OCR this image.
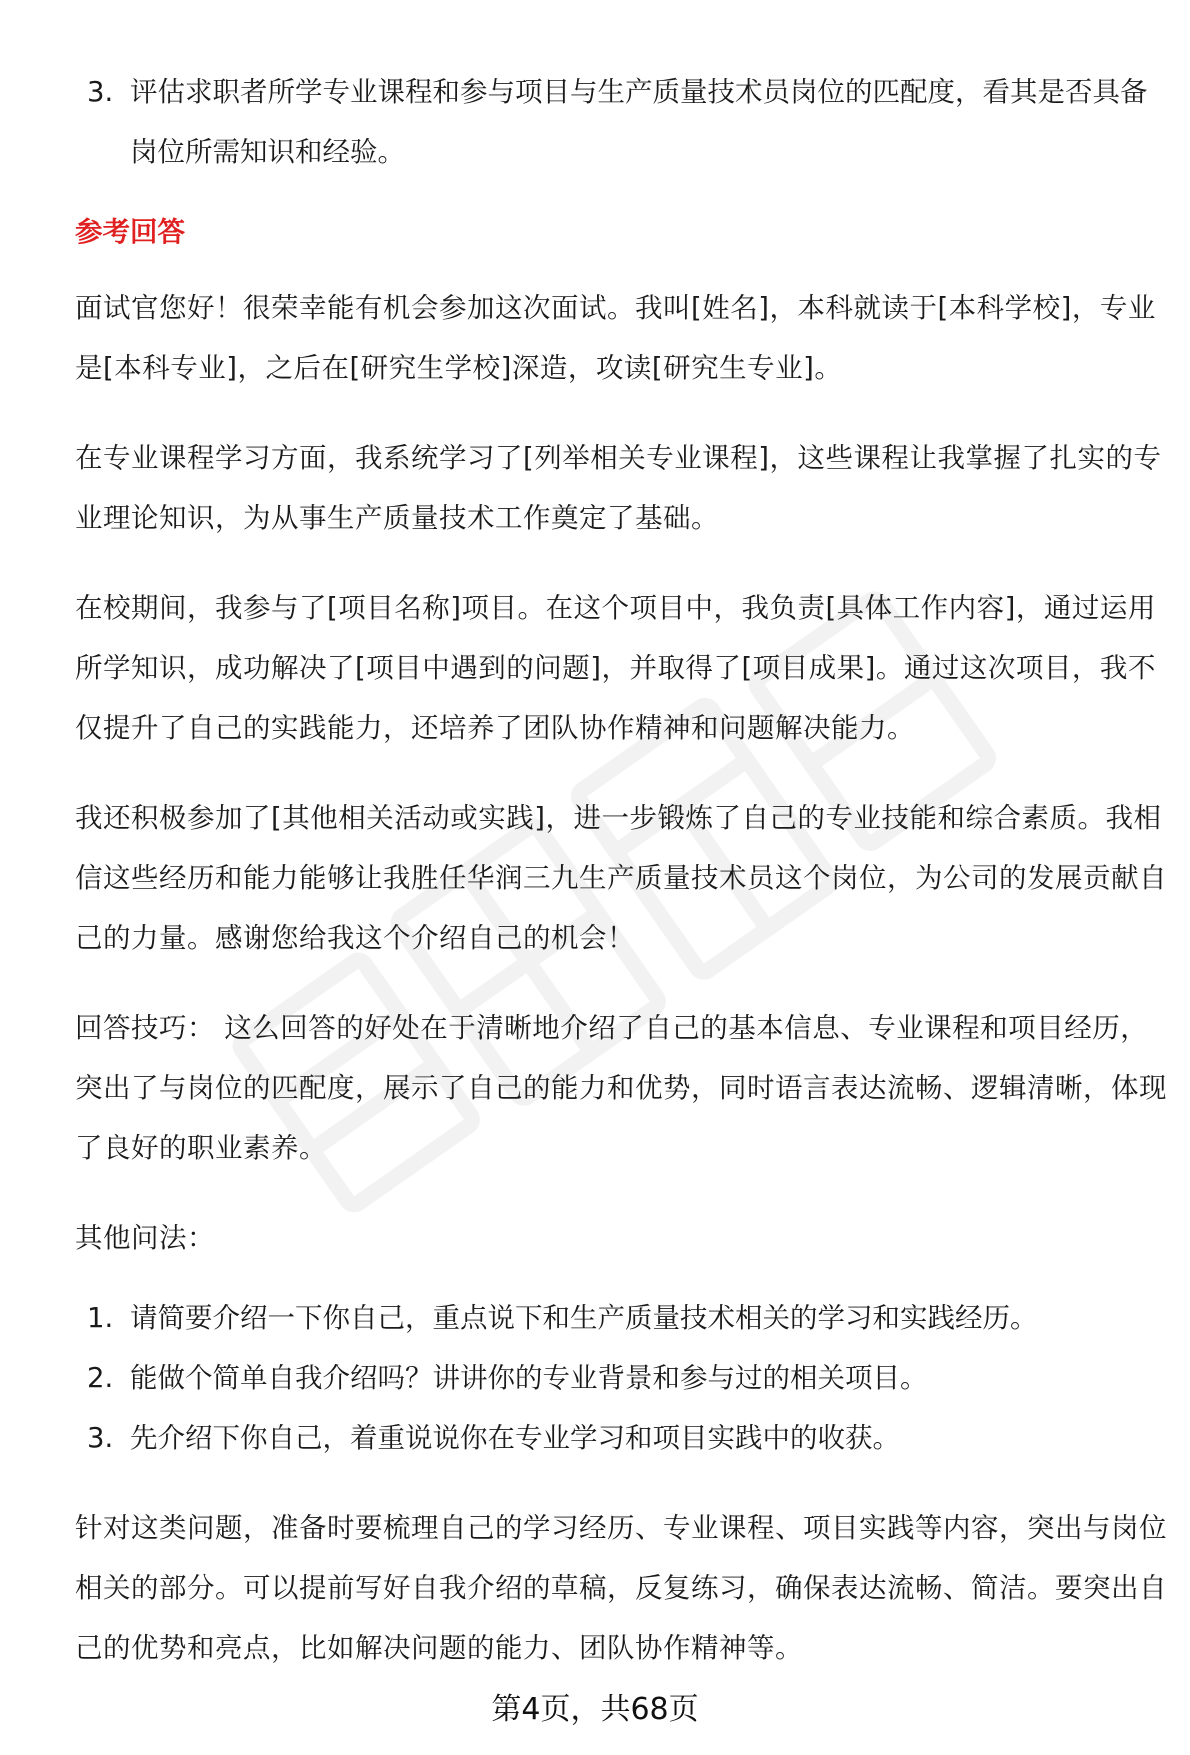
3. 评估求职者所学专业课程和参与项目与生产质量技术员岗位的匹配度，看其是否具备岗位所需知识和经验。
参考回答

面试官您好！很荣幸能有机会参加这次面试。我叫[姓名]，本科就读于[本科学校]，专业是[本科专业]，之后在[研究生学校]深造，攻读[研究生专业]。

在专业课程学习方面，我系统学习了[列举相关专业课程]，这些课程让我掌握了扎实的专业理论知识，为从事生产质量技术工作奠定了基础。

在校期间，我参与了[项目名称]项目。在这个项目中，我负责[具体工作内容]，通过运用所学知识，成功解决了[项目中遇到的问题]，并取得了[项目成果]。通过这次项目，我不仅提升了自己的实践能力，还培养了团队协作精神和问题解决能力。

我还积极参加了[其他相关活动或实践]，进一步锻炼了自己的专业技能和综合素质。我相信这些经历和能力能够让我胜任华润三九生产质量技术员这个岗位，为公司的发展贡献自己的力量。感谢您给我这个介绍自己的机会！

回答技巧： 这么回答的好处在于清晰地介绍了自己的基本信息、专业课程和项目经历，突出了与岗位的匹配度，展示了自己的能力和优势，同时语言表达流畅、逻辑清晰，体现了良好的职业素养。

其他问法：

1. 请简要介绍一下你自己，重点说下和生产质量技术相关的学习和实践经历。
2. 能做个简单自我介绍吗？讲讲你的专业背景和参与过的相关项目。
3. 先介绍下你自己，着重说说你在专业学习和项目实践中的收获。

针对这类问题，准备时要梳理自己的学习经历、专业课程、项目实践等内容，突出与岗位相关的部分。可以提前写好自我介绍的草稿，反复练习，确保表达流畅、简洁。要突出自己的优势和亮点，比如解决问题的能力、团队协作精神等。

第4页，共68页
